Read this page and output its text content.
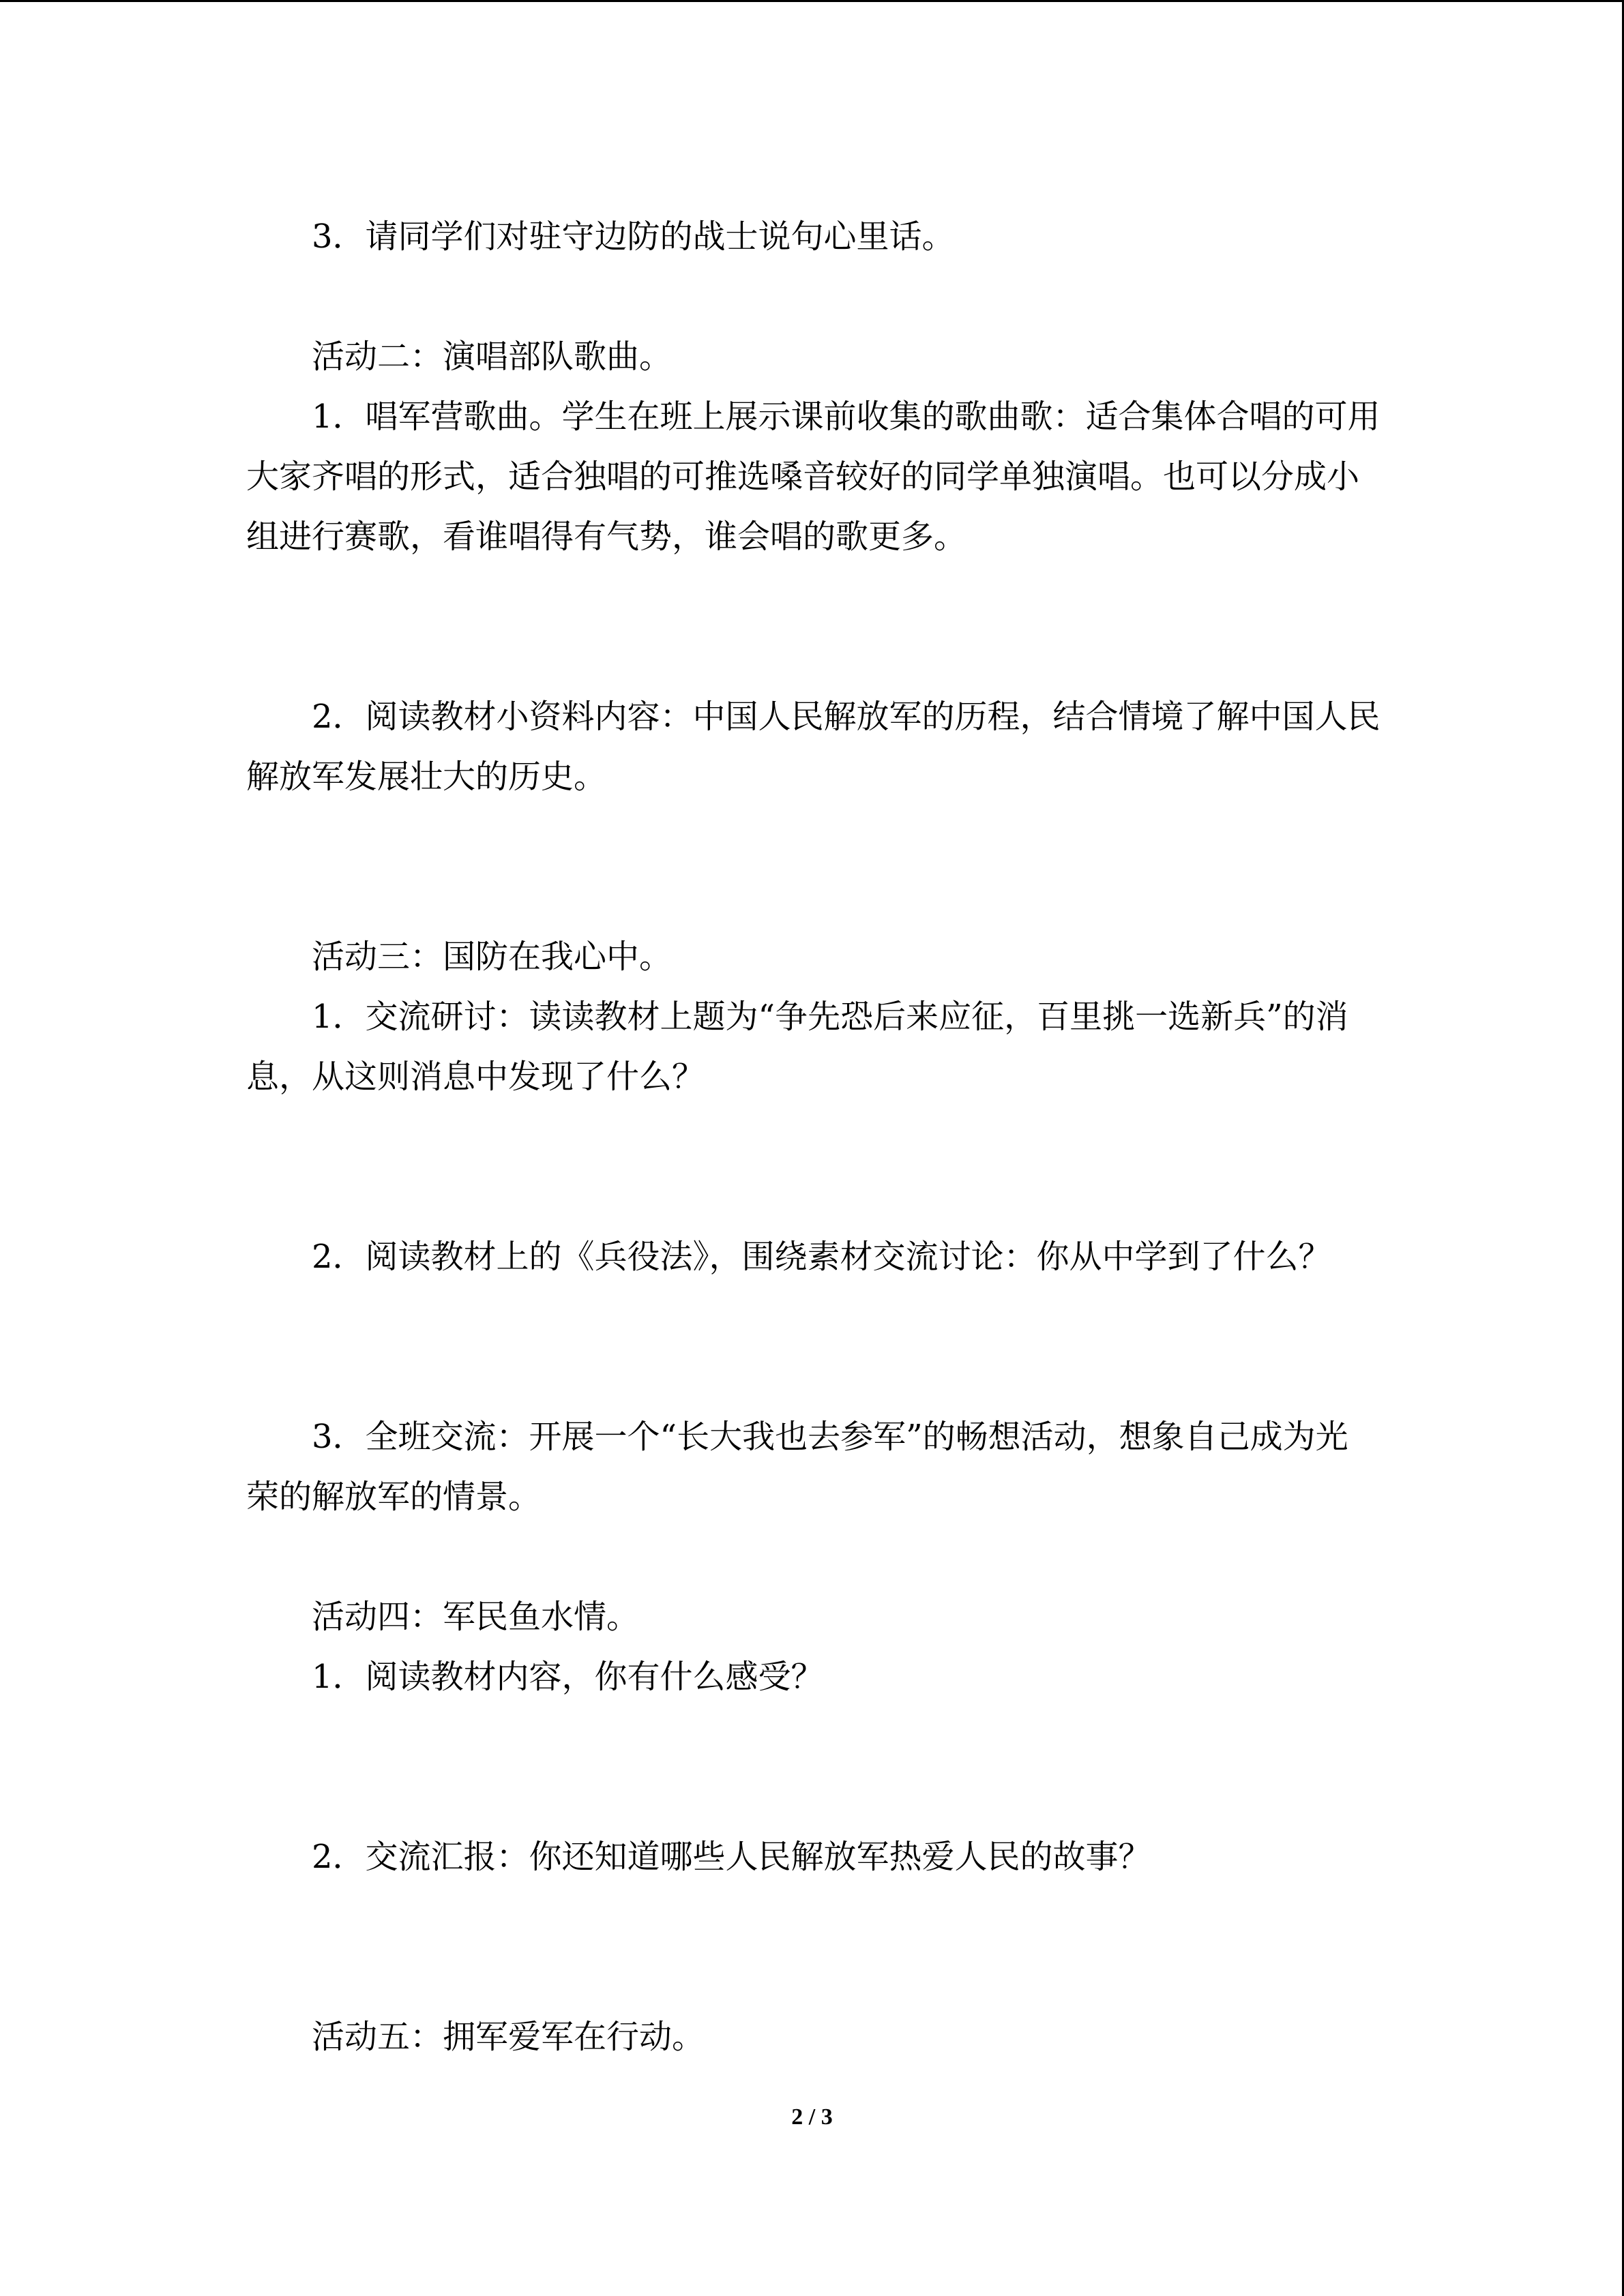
3．请同学们对驻守边防的战士说句心里话。
活动二：演唱部队歌曲。
1．唱军营歌曲。学生在班上展示课前收集的歌曲歌：适合集体合唱的可用
大家齐唱的形式，适合独唱的可推选嗓音较好的同学单独演唱。也可以分成小
组进行赛歌，看谁唱得有气势，谁会唱的歌更多。
2．阅读教材小资料内容：中国人民解放军的历程，结合情境了解中国人民
解放军发展壮大的历史。
活动三：国防在我心中。
1．交流研讨：读读教材上题为“争先恐后来应征，百里挑一选新兵”的消
息，从这则消息中发现了什么？
2．阅读教材上的《兵役法》，围绕素材交流讨论：你从中学到了什么？
3．全班交流：开展一个“长大我也去参军”的畅想活动，想象自己成为光
荣的解放军的情景。
活动四：军民鱼水情。
1．阅读教材内容，你有什么感受？
2．交流汇报：你还知道哪些人民解放军热爱人民的故事？
活动五：拥军爱军在行动。
2 / 3
